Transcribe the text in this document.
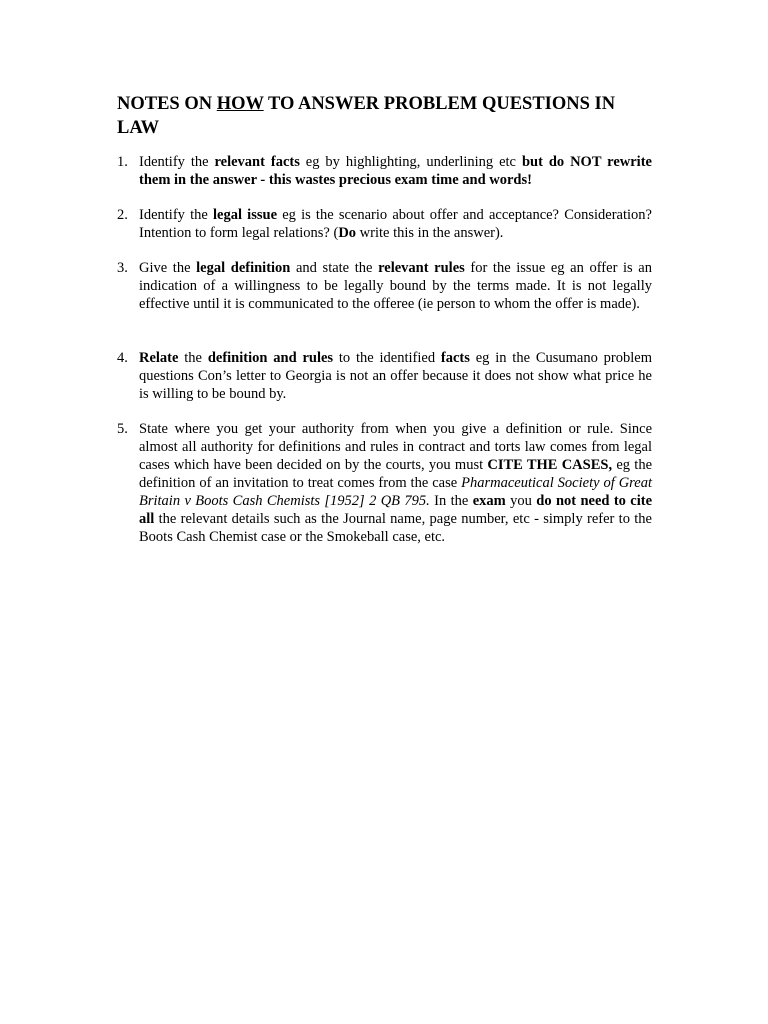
NOTES ON HOW TO ANSWER PROBLEM QUESTIONS IN LAW
1. Identify the relevant facts eg by highlighting, underlining etc but do NOT rewrite them in the answer - this wastes precious exam time and words!

2. Identify the legal issue eg is the scenario about offer and acceptance? Consideration? Intention to form legal relations? (Do write this in the answer).

3. Give the legal definition and state the relevant rules for the issue eg an offer is an indication of a willingness to be legally bound by the terms made. It is not legally effective until it is communicated to the offeree (ie person to whom the offer is made).

4. Relate the definition and rules to the identified facts eg in the Cusumano problem questions Con’s letter to Georgia is not an offer because it does not show what price he is willing to be bound by.

5. State where you get your authority from when you give a definition or rule. Since almost all authority for definitions and rules in contract and torts law comes from legal cases which have been decided on by the courts, you must CITE THE CASES, eg the definition of an invitation to treat comes from the case Pharmaceutical Society of Great Britain v Boots Cash Chemists [1952] 2 QB 795. In the exam you do not need to cite all the relevant details such as the Journal name, page number, etc - simply refer to the Boots Cash Chemist case or the Smokeball case, etc.
